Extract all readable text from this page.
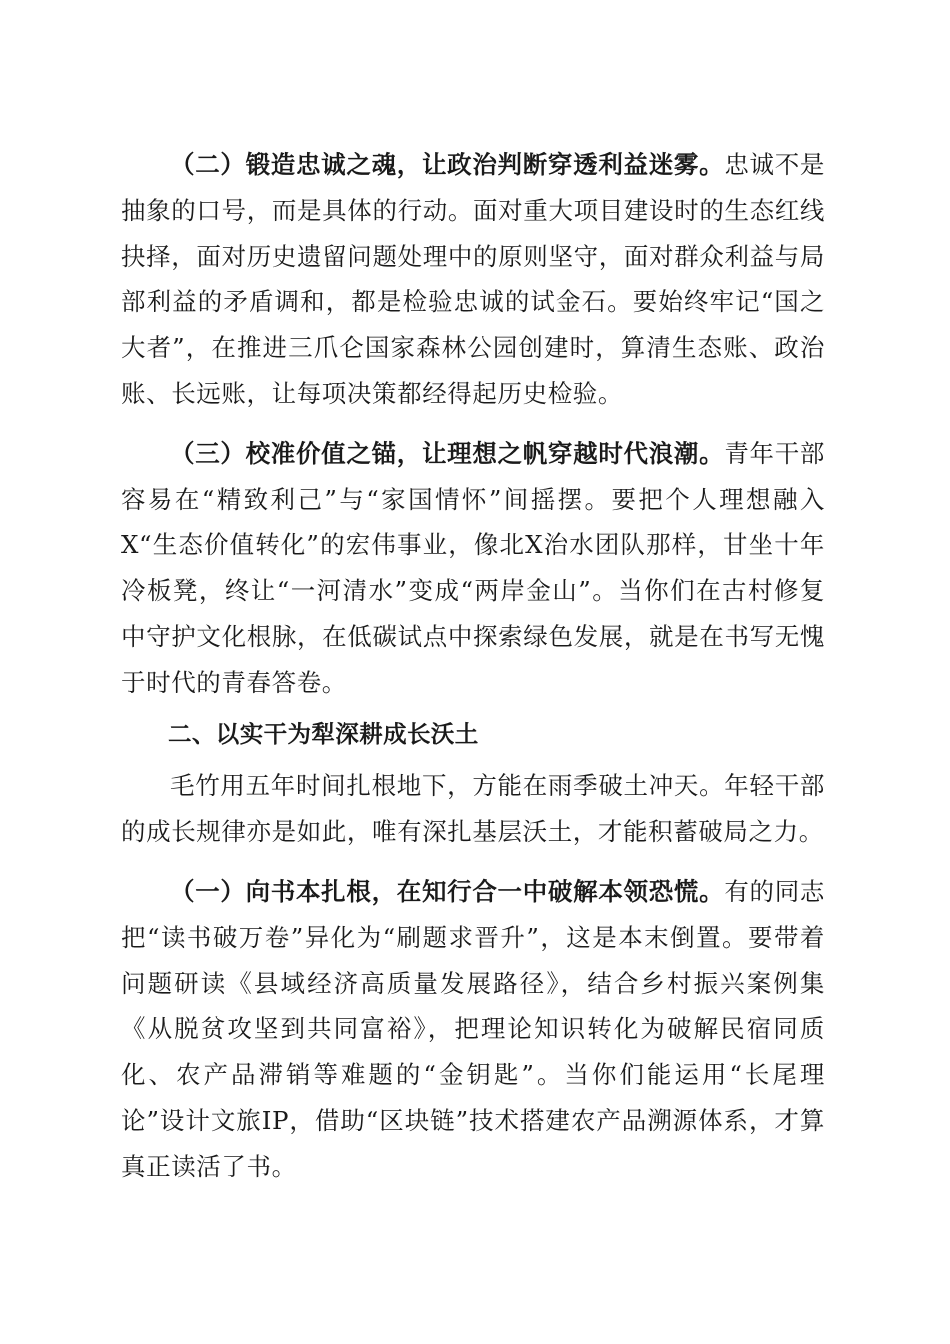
（二）锻造忠诚之魂，让政治判断穿透利益迷雾。忠诚不是抽象的口号，而是具体的行动。面对重大项目建设时的生态红线抉择，面对历史遗留问题处理中的原则坚守，面对群众利益与局部利益的矛盾调和，都是检验忠诚的试金石。要始终牢记“国之大者”，在推进三爪仑国家森林公园创建时，算清生态账、政治账、长远账，让每项决策都经得起历史检验。

（三）校准价值之锚，让理想之帆穿越时代浪潮。青年干部容易在“精致利己”与“家国情怀”间摇摆。要把个人理想融入X“生态价值转化”的宏伟事业，像北X治水团队那样，甘坐十年冷板凳，终让“一河清水”变成“两岸金山”。当你们在古村修复中守护文化根脉，在低碳试点中探索绿色发展，就是在书写无愧于时代的青春答卷。

二、以实干为犁深耕成长沃土

毛竹用五年时间扎根地下，方能在雨季破土冲天。年轻干部的成长规律亦是如此，唯有深扎基层沃土，才能积蓄破局之力。

（一）向书本扎根，在知行合一中破解本领恐慌。有的同志把“读书破万卷”异化为“刷题求晋升”，这是本末倒置。要带着问题研读《县域经济高质量发展路径》，结合乡村振兴案例集《从脱贫攻坚到共同富裕》，把理论知识转化为破解民宿同质化、农产品滞销等难题的“金钥匙”。当你们能运用“长尾理论”设计文旅IP，借助“区块链”技术搭建农产品溯源体系，才算真正读活了书。
